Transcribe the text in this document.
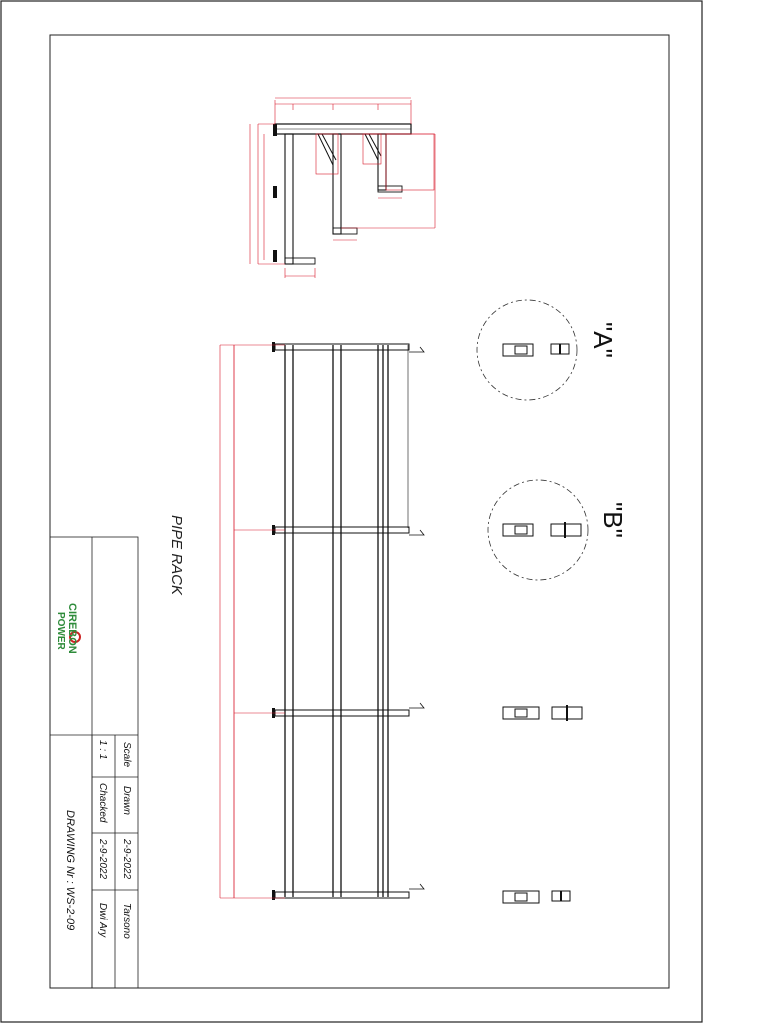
"A"
"B"
PIPE RACK
CIREBON
POWER
Scale
1 : 1
Drawn
Chacked
2-9-2022
2-9-2022
Tarsono
Dwi Ary
DRAWING Nr : WS-2-09
